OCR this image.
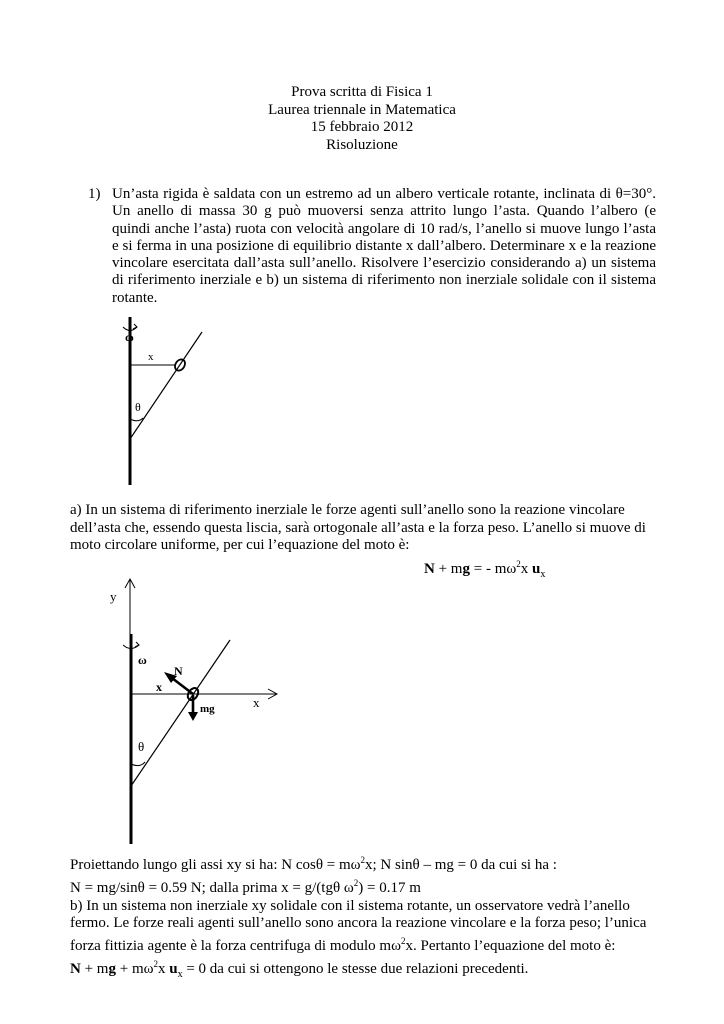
Prova scritta di Fisica 1
Laurea triennale in Matematica
15 febbraio 2012
Risoluzione
1) Un’asta rigida è saldata con un estremo ad un albero verticale rotante, inclinata di θ=30°. Un anello di massa 30 g può muoversi senza attrito lungo l’asta. Quando l’albero (e quindi anche l’asta) ruota con velocità angolare di 10 rad/s, l’anello si muove lungo l’asta e si ferma in una posizione di equilibrio distante x dall’albero. Determinare x e la reazione vincolare esercitata dall’asta sull’anello. Risolvere l’esercizio considerando a) un sistema di riferimento inerziale e b) un sistema di riferimento non inerziale solidale con il sistema rotante.
ω
x
θ
a) In un sistema di riferimento inerziale le forze agenti sull’anello sono la reazione vincolare
dell’asta che, essendo questa liscia, sarà ortogonale all’asta e la forza peso. L’anello si muove di
moto circolare uniforme, per cui l’equazione del moto è:
N + mg = - $m\omega^2x$ $u_x$
y
ω
x
N
x
mg
θ
Proiettando lungo gli assi xy si ha: N $\cos\theta = m\omega^2x$; N sinθ – mg = 0 da cui si ha :
N = mg/sinθ = 0.59 N; dalla prima x = g/(tgθ $\omega^2) = 0.17$ m
b) In un sistema non inerziale xy solidale con il sistema rotante, un osservatore vedrà l’anello
fermo. Le forze reali agenti sull’anello sono ancora la reazione vincolare e la forza peso; l’unica
forza fittizia agente è la forza centrifuga di modulo $m\omega^2x$. Pertanto l’equazione del moto è:
N + mg + $m\omega^2x$ $u_x = 0$ da cui si ottengono le stesse due relazioni precedenti.
